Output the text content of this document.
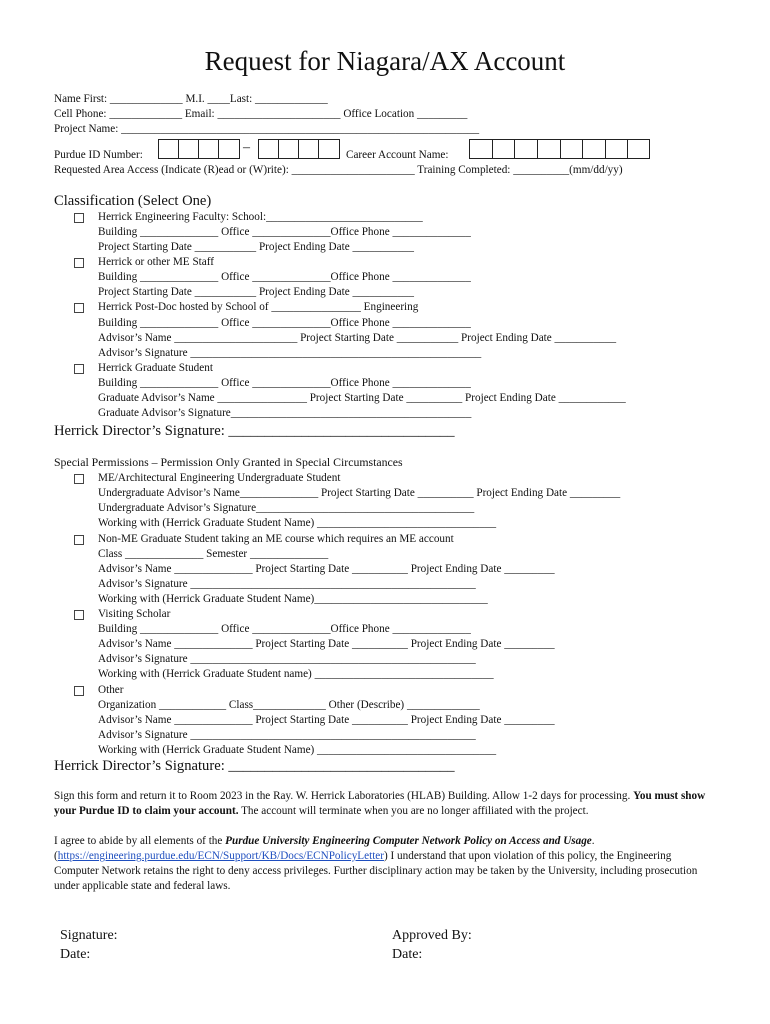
Request for Niagara/AX Account
Name First: _____________ M.I. ____Last: _____________
Cell Phone: _____________ Email: ______________________ Office Location _________
Project Name: ________________________________________________________________
Purdue ID Number:	–	Career Account Name:
Requested Area Access (Indicate (R)ead or (W)rite): ______________________ Training Completed: __________(mm/dd/yy)
Classification (Select One)
Herrick Engineering Faculty: School:____________________________
Building ______________ Office ______________Office Phone ______________
Project Starting Date ___________ Project Ending Date ___________
Herrick or other ME Staff
Building ______________ Office ______________Office Phone ______________
Project Starting Date ___________ Project Ending Date ___________
Herrick Post-Doc hosted by School of ________________ Engineering
Building ______________ Office ______________Office Phone ______________
Advisor’s Name ______________________ Project Starting Date ___________ Project Ending Date ___________
Advisor’s Signature ____________________________________________________
Herrick Graduate Student
Building ______________ Office ______________Office Phone ______________
Graduate Advisor’s Name ________________ Project Starting Date __________ Project Ending Date ____________
Graduate Advisor’s Signature___________________________________________
Herrick Director’s Signature: _______________________________
Special Permissions – Permission Only Granted in Special Circumstances
ME/Architectural Engineering Undergraduate Student
Undergraduate Advisor’s Name______________ Project Starting Date __________ Project Ending Date _________
Undergraduate Advisor’s Signature_______________________________________
Working with (Herrick Graduate Student Name) ________________________________
Non-ME Graduate Student taking an ME course which requires an ME account
Class ______________ Semester ______________
Advisor’s Name ______________ Project Starting Date __________ Project Ending Date _________
Advisor’s Signature ___________________________________________________
Working with (Herrick Graduate Student Name)_______________________________
Visiting Scholar
Building ______________ Office ______________Office Phone ______________
Advisor’s Name ______________ Project Starting Date __________ Project Ending Date _________
Advisor’s Signature ___________________________________________________
Working with (Herrick Graduate Student name) ________________________________
Other
Organization ____________ Class_____________ Other (Describe) _____________
Advisor’s Name ______________ Project Starting Date __________ Project Ending Date _________
Advisor’s Signature ___________________________________________________
Working with (Herrick Graduate Student Name) ________________________________
Herrick Director’s Signature: _______________________________
Sign this form and return it to Room 2023 in the Ray. W. Herrick Laboratories (HLAB) Building. Allow 1-2 days for processing. You must show your Purdue ID to claim your account. The account will terminate when you are no longer affiliated with the project.
I agree to abide by all elements of the Purdue University Engineering Computer Network Policy on Access and Usage.
(https://engineering.purdue.edu/ECN/Support/KB/Docs/ECNPolicyLetter) I understand that upon violation of this policy, the Engineering Computer Network retains the right to deny access privileges. Further disciplinary action may be taken by the University, including prosecution under applicable state and federal laws.
Signature:
Date:
Approved By:
Date:
